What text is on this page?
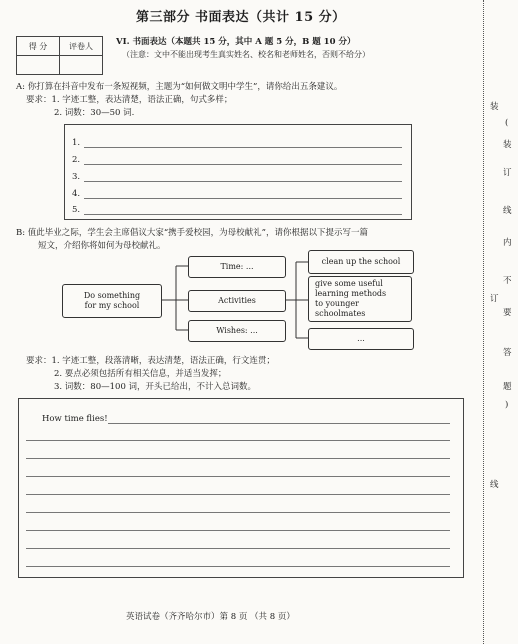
第三部分 书面表达（共计 15 分）
得 分	评卷人
		VI. 书面表达（本题共 15 分，其中 A 题 5 分，B 题 10 分）
（注意：文中不能出现考生真实姓名、校名和老师姓名，否则不给分）
A: 你打算在抖音中发布一条短视频，主题为“如何做文明中学生”，请你给出五条建议。
要求：1. 字迹工整，表达清楚，语法正确，句式多样；
2. 词数：30—50 词.
1.
2.
3.
4.
5.
B: 值此毕业之际，学生会主席倡议大家“携手爱校园，为母校献礼”，请你根据以下提示写一篇
短文，介绍你将如何为母校献礼。
Do something
for my school
Time: ...
Activities
Wishes: ...
clean up the school
give some useful
learning methods
to younger schoolmates
...
要求：1. 字迹工整，段落清晰，表达清楚，语法正确，行文连贯；
2. 要点必须包括所有相关信息，并适当发挥；
3. 词数：80—100 词，开头已给出，不计入总词数。
How time flies!
英语试卷（齐齐哈尔市）第 8 页 （共 8 页）
装
(
装
订
线
内
不
要
答
题
)
订
线
